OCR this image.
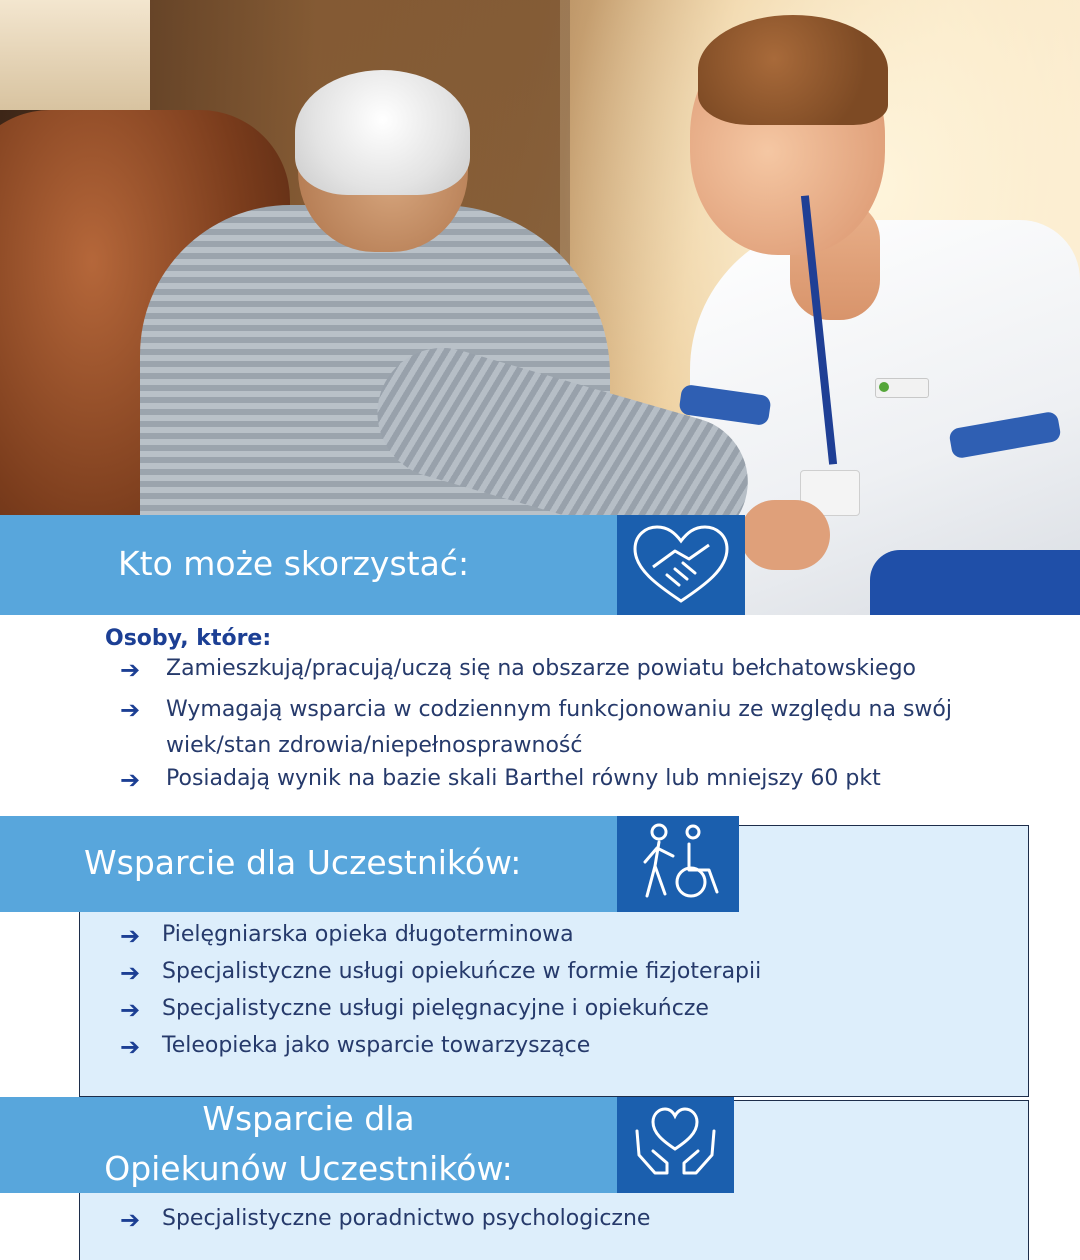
Kto może skorzystać:
Osoby, które:
➔ Zamieszkują/pracują/uczą się na obszarze powiatu bełchatowskiego
➔ Wymagają wsparcia w codziennym funkcjonowaniu ze względu na swój wiek/stan zdrowia/niepełnosprawność
➔ Posiadają wynik na bazie skali Barthel równy lub mniejszy 60 pkt
Wsparcie dla Uczestników:
➔ Pielęgniarska opieka długoterminowa
➔ Specjalistyczne usługi opiekuńcze w formie fizjoterapii
➔ Specjalistyczne usługi pielęgnacyjne i opiekuńcze
➔ Teleopieka jako wsparcie towarzyszące
Wsparcie dla
Opiekunów Uczestników:
➔ Specjalistyczne poradnictwo psychologiczne
